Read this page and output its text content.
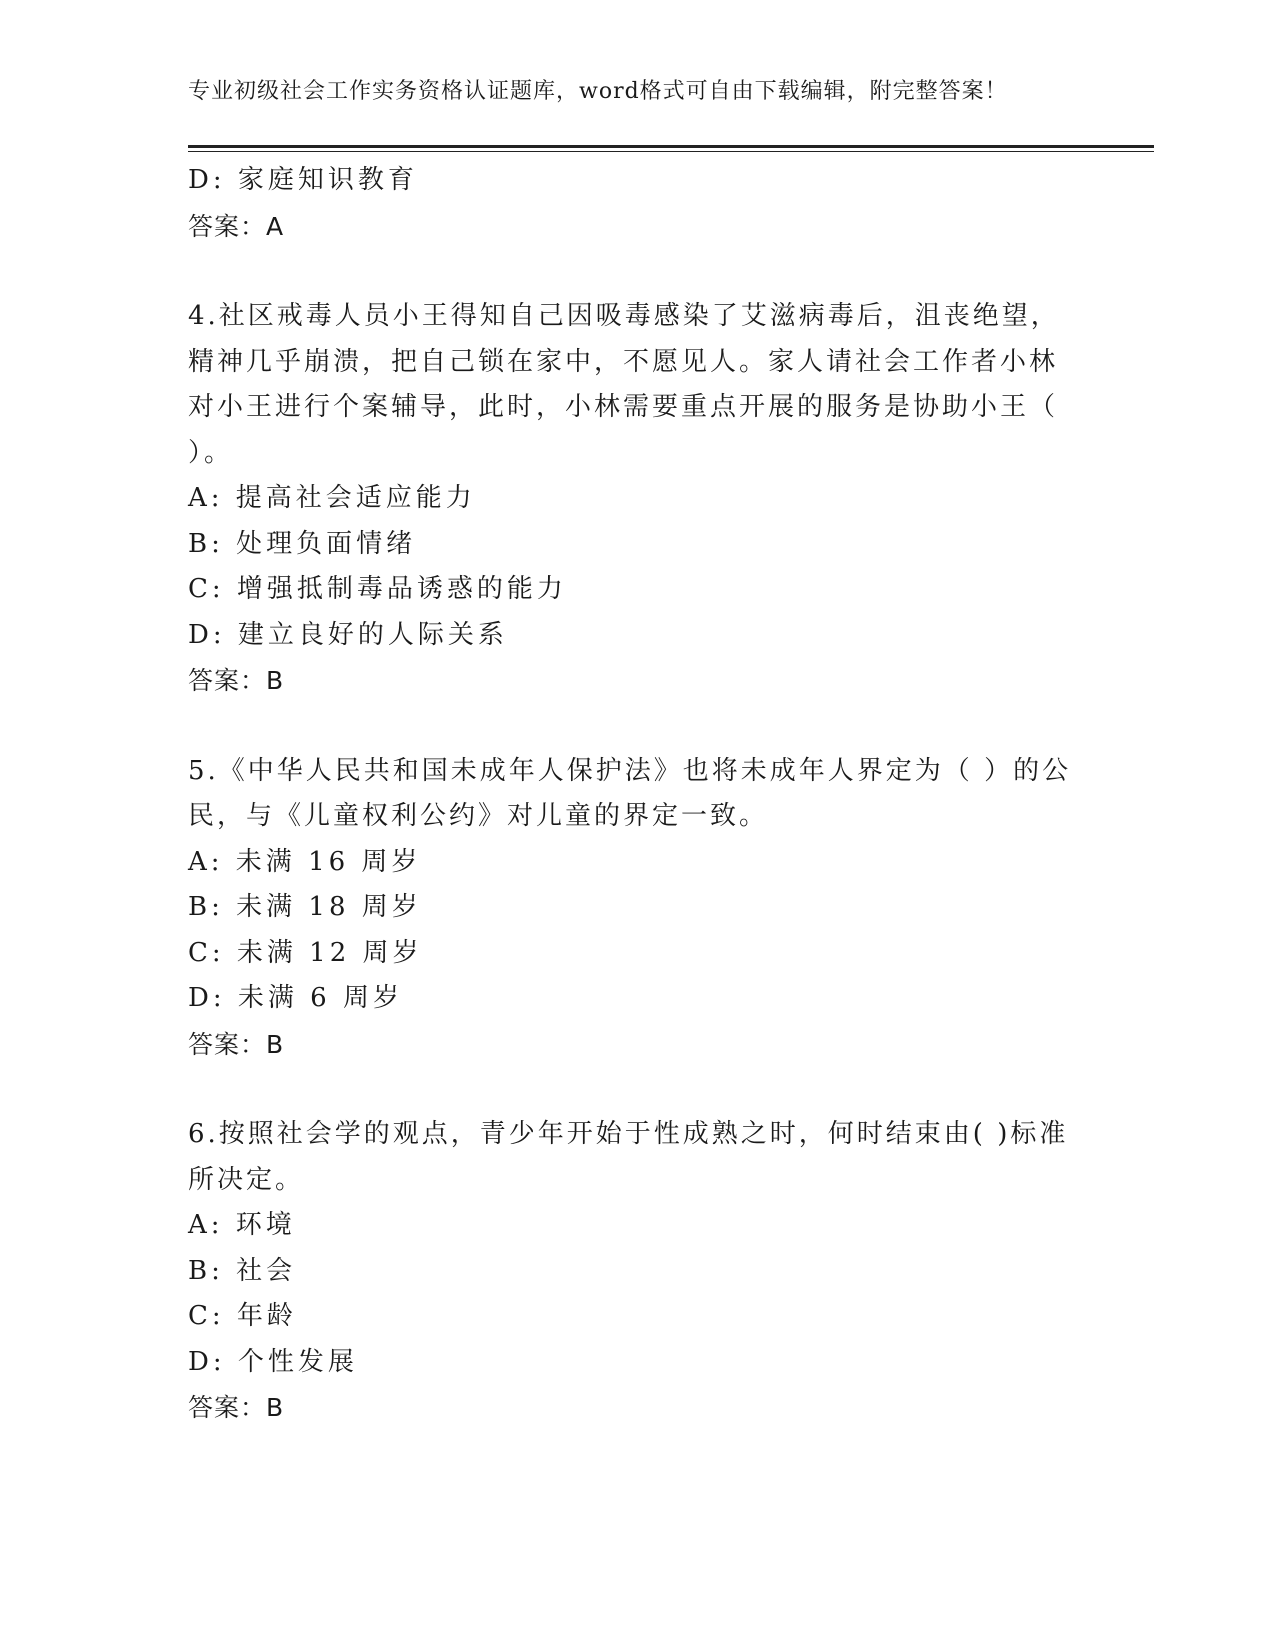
专业初级社会工作实务资格认证题库，word格式可自由下载编辑，附完整答案！

D: 家庭知识教育

答案：A

4.社区戒毒人员小王得知自己因吸毒感染了艾滋病毒后，沮丧绝望，

精神几乎崩溃，把自己锁在家中，不愿见人。家人请社会工作者小林

对小王进行个案辅导，此时，小林需要重点开展的服务是协助小王（

）。

A: 提高社会适应能力

B: 处理负面情绪

C: 增强抵制毒品诱惑的能力

D: 建立良好的人际关系

答案：B

5.《中华人民共和国未成年人保护法》也将未成年人界定为（ ）的公

民，与《儿童权利公约》对儿童的界定一致。

A: 未满 16 周岁

B: 未满 18 周岁

C: 未满 12 周岁

D: 未满 6 周岁

答案：B

6.按照社会学的观点，青少年开始于性成熟之时，何时结束由( )标准

所决定。

A: 环境

B: 社会

C: 年龄

D: 个性发展

答案：B
